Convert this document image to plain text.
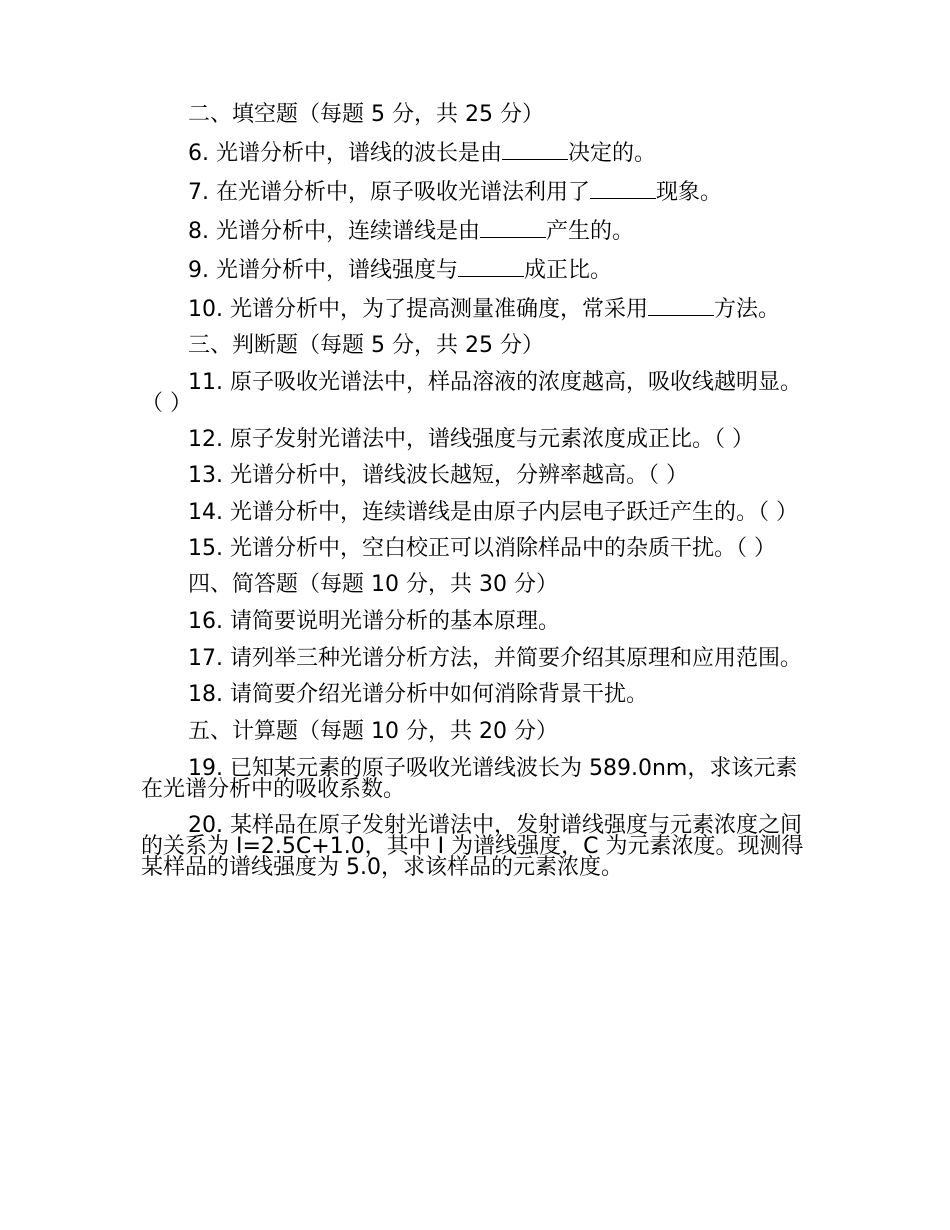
二、填空题（每题 5 分，共 25 分）

6. 光谱分析中，谱线的波长是由	决定的。

7. 在光谱分析中，原子吸收光谱法利用了	现象。

8. 光谱分析中，连续谱线是由	产生的。

9. 光谱分析中，谱线强度与	成正比。

10. 光谱分析中，为了提高测量准确度，常采用	方法。

三、判断题（每题 5 分，共 25 分）

11. 原子吸收光谱法中，样品溶液的浓度越高，吸收线越明显。（ ）

12. 原子发射光谱法中，谱线强度与元素浓度成正比。（ ）

13. 光谱分析中，谱线波长越短，分辨率越高。（ ）

14. 光谱分析中，连续谱线是由原子内层电子跃迁产生的。（ ）

15. 光谱分析中，空白校正可以消除样品中的杂质干扰。（ ）

四、简答题（每题 10 分，共 30 分）

16. 请简要说明光谱分析的基本原理。

17. 请列举三种光谱分析方法，并简要介绍其原理和应用范围。

18. 请简要介绍光谱分析中如何消除背景干扰。

五、计算题（每题 10 分，共 20 分）

19. 已知某元素的原子吸收光谱线波长为 589.0nm，求该元素在光谱分析中的吸收系数。

20. 某样品在原子发射光谱法中，发射谱线强度与元素浓度之间的关系为 I=2.5C+1.0，其中 I 为谱线强度，C 为元素浓度。现测得某样品的谱线强度为 5.0，求该样品的元素浓度。
